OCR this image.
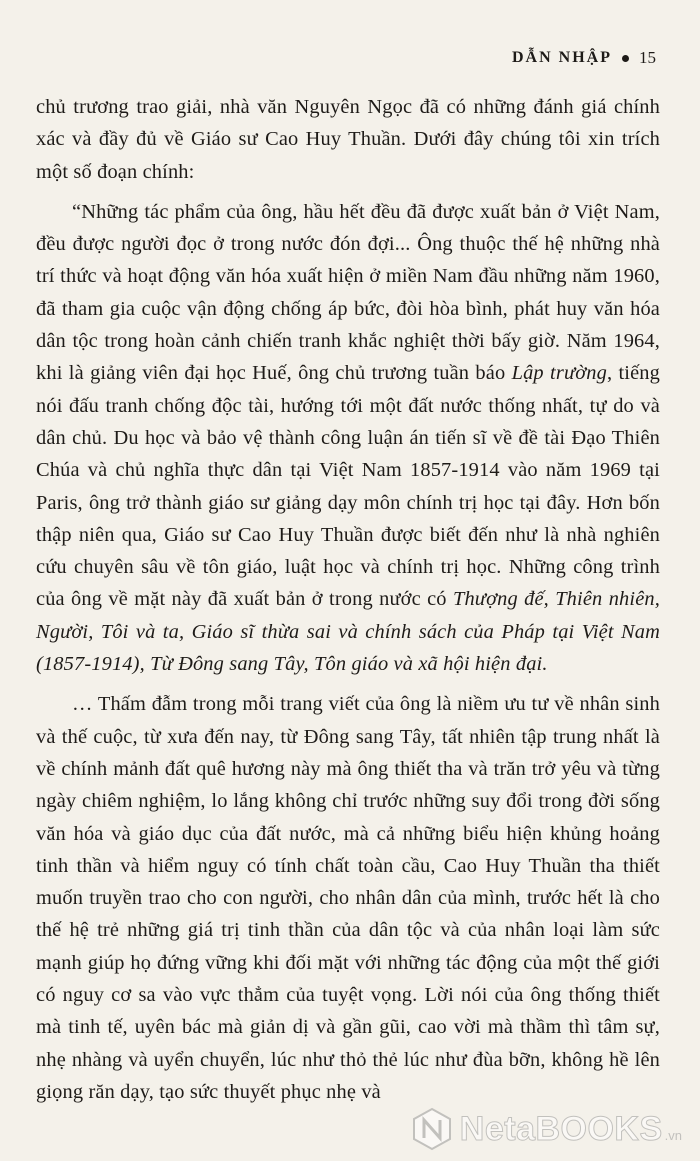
DẪN NHẬP 15

chủ trương trao giải, nhà văn Nguyên Ngọc đã có những đánh giá chính xác và đầy đủ về Giáo sư Cao Huy Thuần. Dưới đây chúng tôi xin trích một số đoạn chính:

“Những tác phẩm của ông, hầu hết đều đã được xuất bản ở Việt Nam, đều được người đọc ở trong nước đón đợi... Ông thuộc thế hệ những nhà trí thức và hoạt động văn hóa xuất hiện ở miền Nam đầu những năm 1960, đã tham gia cuộc vận động chống áp bức, đòi hòa bình, phát huy văn hóa dân tộc trong hoàn cảnh chiến tranh khắc nghiệt thời bấy giờ. Năm 1964, khi là giảng viên đại học Huế, ông chủ trương tuần báo Lập trường, tiếng nói đấu tranh chống độc tài, hướng tới một đất nước thống nhất, tự do và dân chủ. Du học và bảo vệ thành công luận án tiến sĩ về đề tài Đạo Thiên Chúa và chủ nghĩa thực dân tại Việt Nam 1857-1914 vào năm 1969 tại Paris, ông trở thành giáo sư giảng dạy môn chính trị học tại đây. Hơn bốn thập niên qua, Giáo sư Cao Huy Thuần được biết đến như là nhà nghiên cứu chuyên sâu về tôn giáo, luật học và chính trị học. Những công trình của ông về mặt này đã xuất bản ở trong nước có Thượng đế, Thiên nhiên, Người, Tôi và ta, Giáo sĩ thừa sai và chính sách của Pháp tại Việt Nam (1857-1914), Từ Đông sang Tây, Tôn giáo và xã hội hiện đại.

… Thấm đẫm trong mỗi trang viết của ông là niềm ưu tư về nhân sinh và thế cuộc, từ xưa đến nay, từ Đông sang Tây, tất nhiên tập trung nhất là về chính mảnh đất quê hương này mà ông thiết tha và trăn trở yêu và từng ngày chiêm nghiệm, lo lắng không chỉ trước những suy đổi trong đời sống văn hóa và giáo dục của đất nước, mà cả những biểu hiện khủng hoảng tinh thần và hiểm nguy có tính chất toàn cầu, Cao Huy Thuần tha thiết muốn truyền trao cho con người, cho nhân dân của mình, trước hết là cho thế hệ trẻ những giá trị tinh thần của dân tộc và của nhân loại làm sức mạnh giúp họ đứng vững khi đối mặt với những tác động của một thế giới có nguy cơ sa vào vực thẳm của tuyệt vọng. Lời nói của ông thống thiết mà tinh tế, uyên bác mà giản dị và gần gũi, cao vời mà thầm thì tâm sự, nhẹ nhàng và uyển chuyển, lúc như thỏ thẻ lúc như đùa bỡn, không hề lên giọng răn dạy, tạo sức thuyết phục nhẹ và

NetaBOOKS .vn
